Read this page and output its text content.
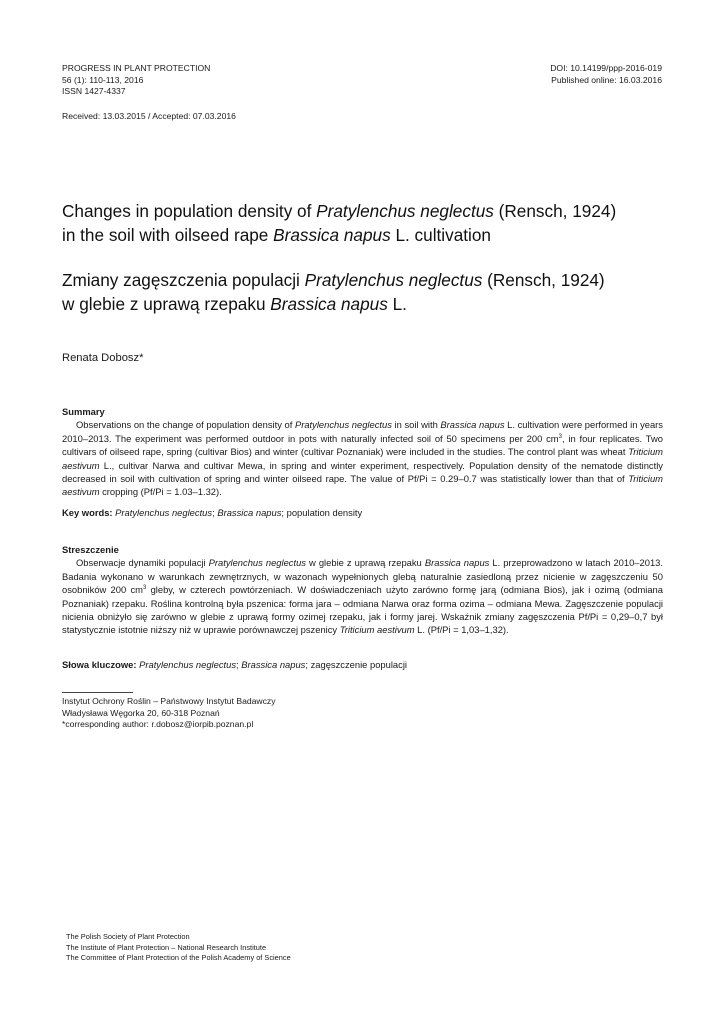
PROGRESS IN PLANT PROTECTION
56 (1): 110-113, 2016
ISSN 1427-4337
DOI: 10.14199/ppp-2016-019
Published online: 16.03.2016
Received: 13.03.2015 / Accepted: 07.03.2016
Changes in population density of Pratylenchus neglectus (Rensch, 1924)
in the soil with oilseed rape Brassica napus L. cultivation
Zmiany zagęszczenia populacji Pratylenchus neglectus (Rensch, 1924)
w glebie z uprawą rzepaku Brassica napus L.
Renata Dobosz*
Summary
Observations on the change of population density of Pratylenchus neglectus in soil with Brassica napus L. cultivation were performed in years 2010–2013. The experiment was performed outdoor in pots with naturally infected soil of 50 specimens per 200 $cm^3$, in four replicates. Two cultivars of oilseed rape, spring (cultivar Bios) and winter (cultivar Poznaniak) were included in the studies. The control plant was wheat Triticium aestivum L., cultivar Narwa and cultivar Mewa, in spring and winter experiment, respectively. Population density of the nematode distinctly decreased in soil with cultivation of spring and winter oilseed rape. The value of Pf/Pi = 0.29–0.7 was statistically lower than that of Triticium aestivum cropping (Pf/Pi = 1.03–1.32).
Key words: Pratylenchus neglectus; Brassica napus; population density
Streszczenie
Obserwacje dynamiki populacji Pratylenchus neglectus w glebie z uprawą rzepaku Brassica napus L. przeprowadzono w latach 2010–2013. Badania wykonano w warunkach zewnętrznych, w wazonach wypełnionych glebą naturalnie zasiedloną przez nicienie w zagęszczeniu 50 osobników 200 $cm^3$ gleby, w czterech powtórzeniach. W doświadczeniach użyto zarówno formę jarą (odmiana Bios), jak i ozimą (odmiana Poznaniak) rzepaku. Roślina kontrolną była pszenica: forma jara – odmiana Narwa oraz forma ozima – odmiana Mewa. Zagęszczenie populacji nicienia obniżyło się zarówno w glebie z uprawą formy ozimej rzepaku, jak i formy jarej. Wskaźnik zmiany zagęszczenia Pf/Pi = 0,29–0,7 był statystycznie istotnie niższy niż w uprawie porównawczej pszenicy Triticium aestivum L. (Pf/Pi = 1,03–1,32).
Słowa kluczowe: Pratylenchus neglectus; Brassica napus; zagęszczenie populacji
Instytut Ochrony Roślin – Państwowy Instytut Badawczy
Władysława Węgorka 20, 60-318 Poznań
*corresponding author: r.dobosz@iorpib.poznan.pl
The Polish Society of Plant Protection
The Institute of Plant Protection – National Research Institute
The Committee of Plant Protection of the Polish Academy of Science
